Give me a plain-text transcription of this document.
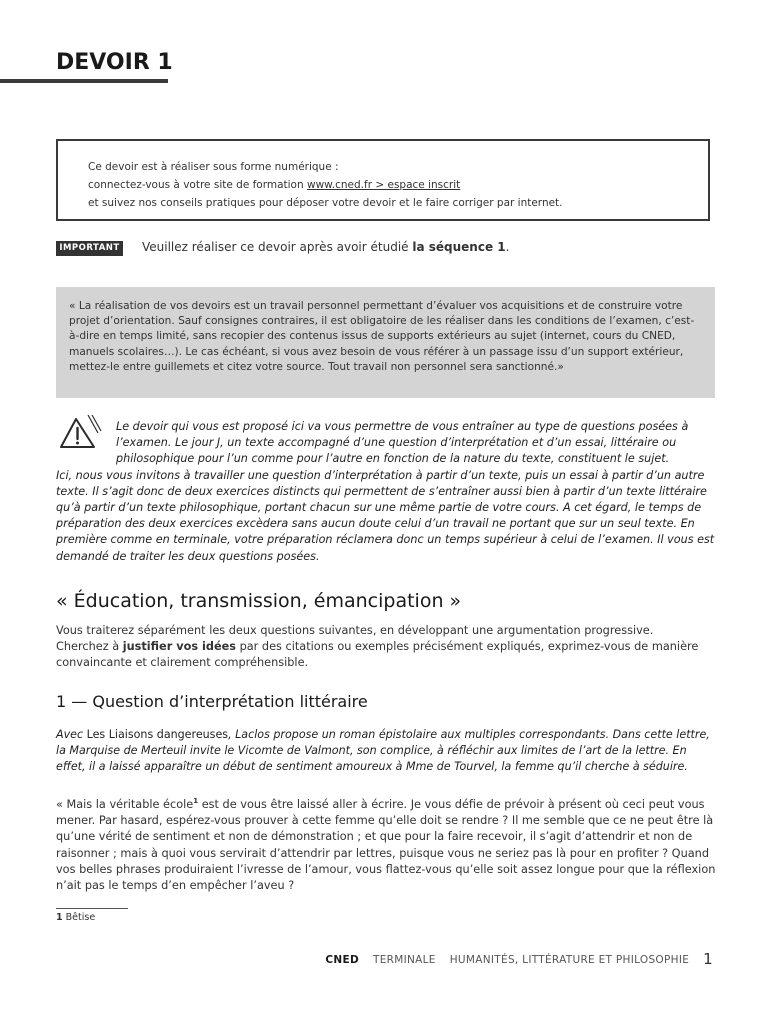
DEVOIR 1
Ce devoir est à réaliser sous forme numérique :
connectez-vous à votre site de formation www.cned.fr > espace inscrit
et suivez nos conseils pratiques pour déposer votre devoir et le faire corriger par internet.
IMPORTANT Veuillez réaliser ce devoir après avoir étudié la séquence 1.
« La réalisation de vos devoirs est un travail personnel permettant d’évaluer vos acquisitions et de construire votre projet d’orientation. Sauf consignes contraires, il est obligatoire de les réaliser dans les conditions de l’examen, c’est-à-dire en temps limité, sans recopier des contenus issus de supports extérieurs au sujet (internet, cours du CNED, manuels scolaires…). Le cas échéant, si vous avez besoin de vous référer à un passage issu d’un support extérieur, mettez-le entre guillemets et citez votre source. Tout travail non personnel sera sanctionné.»

Le devoir qui vous est proposé ici va vous permettre de vous entraîner au type de questions posées à l’examen. Le jour J, un texte accompagné d’une question d’interprétation et d’un essai, littéraire ou philosophique pour l’un comme pour l’autre en fonction de la nature du texte, constituent le sujet.

Ici, nous vous invitons à travailler une question d’interprétation à partir d’un texte, puis un essai à partir d’un autre texte. Il s’agit donc de deux exercices distincts qui permettent de s’entraîner aussi bien à partir d’un texte littéraire qu’à partir d’un texte philosophique, portant chacun sur une même partie de votre cours. A cet égard, le temps de préparation des deux exercices excèdera sans aucun doute celui d’un travail ne portant que sur un seul texte. En première comme en terminale, votre préparation réclamera donc un temps supérieur à celui de l’examen. Il vous est demandé de traiter les deux questions posées.

« Éducation, transmission, émancipation »
Vous traiterez séparément les deux questions suivantes, en développant une argumentation progressive.
Cherchez à justifier vos idées par des citations ou exemples précisément expliqués, exprimez-vous de manière convaincante et clairement compréhensible.
1 — Question d’interprétation littéraire

Avec Les Liaisons dangereuses, Laclos propose un roman épistolaire aux multiples correspondants. Dans cette lettre, la Marquise de Merteuil invite le Vicomte de Valmont, son complice, à réfléchir aux limites de l’art de la lettre. En effet, il a laissé apparaître un début de sentiment amoureux à Mme de Tourvel, la femme qu’il cherche à séduire.

« Mais la véritable école$^1$ est de vous être laissé aller à écrire. Je vous défie de prévoir à présent où ceci peut vous mener. Par hasard, espérez-vous prouver à cette femme qu’elle doit se rendre ? Il me semble que ce ne peut être là qu’une vérité de sentiment et non de démonstration ; et que pour la faire recevoir, il s’agit d’attendrir et non de raisonner ; mais à quoi vous servirait d’attendrir par lettres, puisque vous ne seriez pas là pour en profiter ? Quand vos belles phrases produiraient l’ivresse de l’amour, vous flattez-vous qu’elle soit assez longue pour que la réflexion n’ait pas le temps d’en empêcher l’aveu ?

1 Bêtise
CNED TERMINALE HUMANITÉS, LITTÉRATURE ET PHILOSOPHIE 1
